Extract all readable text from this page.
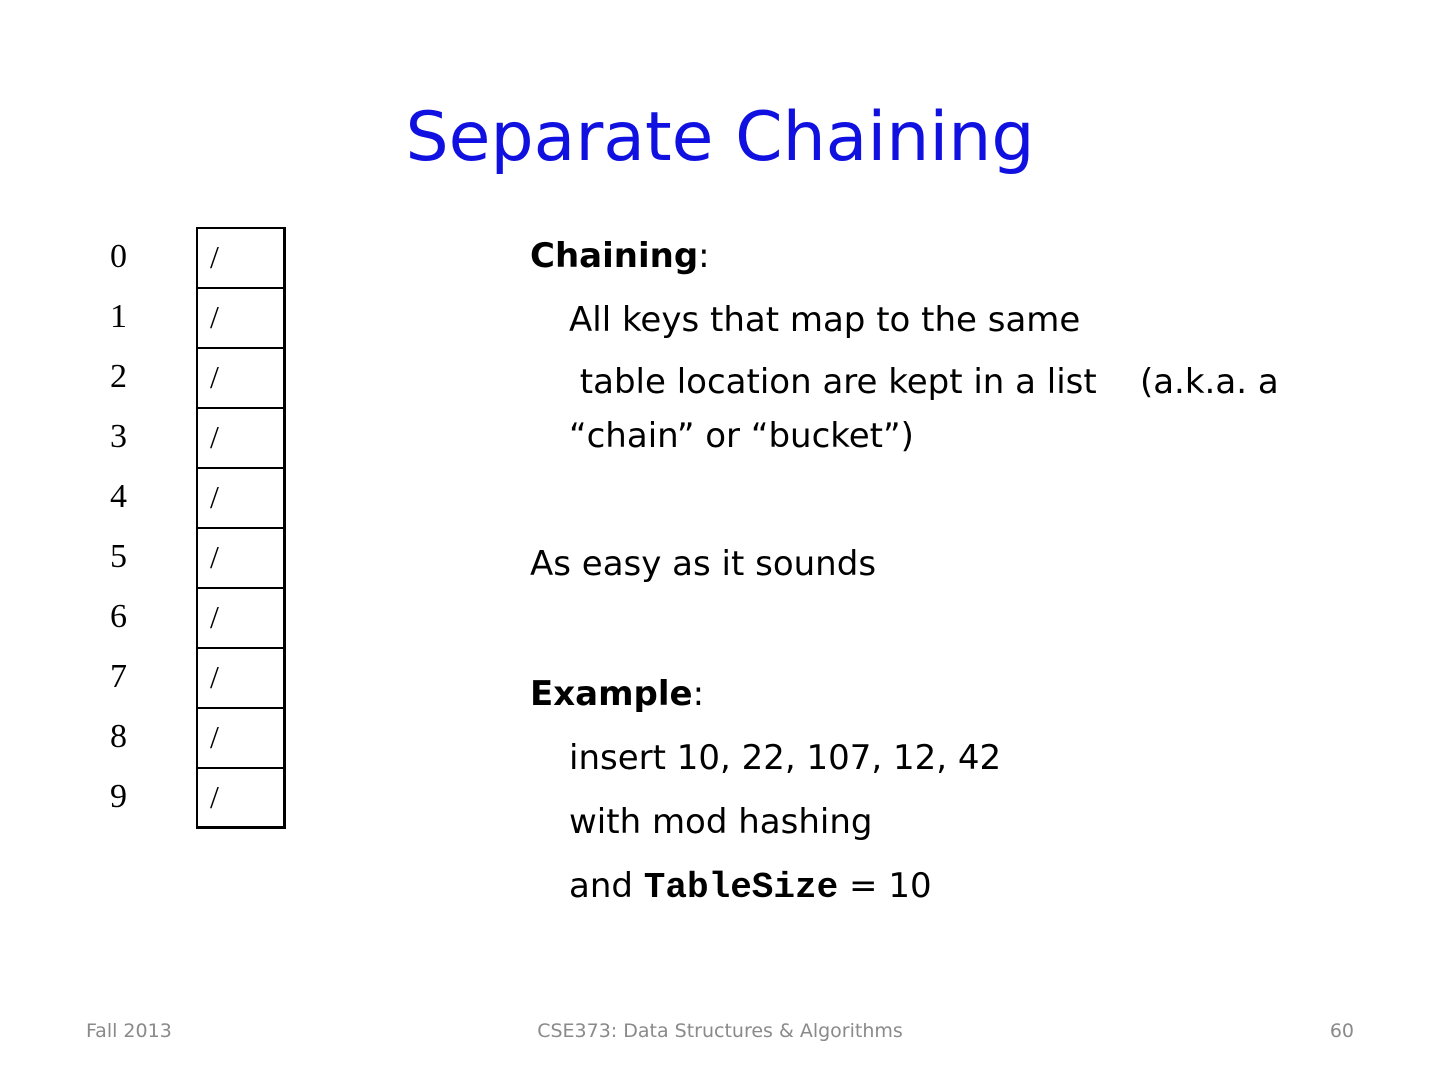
Separate Chaining
0	/
1	/
2	/
3	/
4	/
5	/
6	/
7	/
8	/
9	/
Chaining:
All keys that map to the same
table location are kept in a list    (a.k.a. a
“chain” or “bucket”)
As easy as it sounds
Example:
insert 10, 22, 107, 12, 42
with mod hashing
and TableSize = 10
Fall 2013	CSE373: Data Structures & Algorithms	60
